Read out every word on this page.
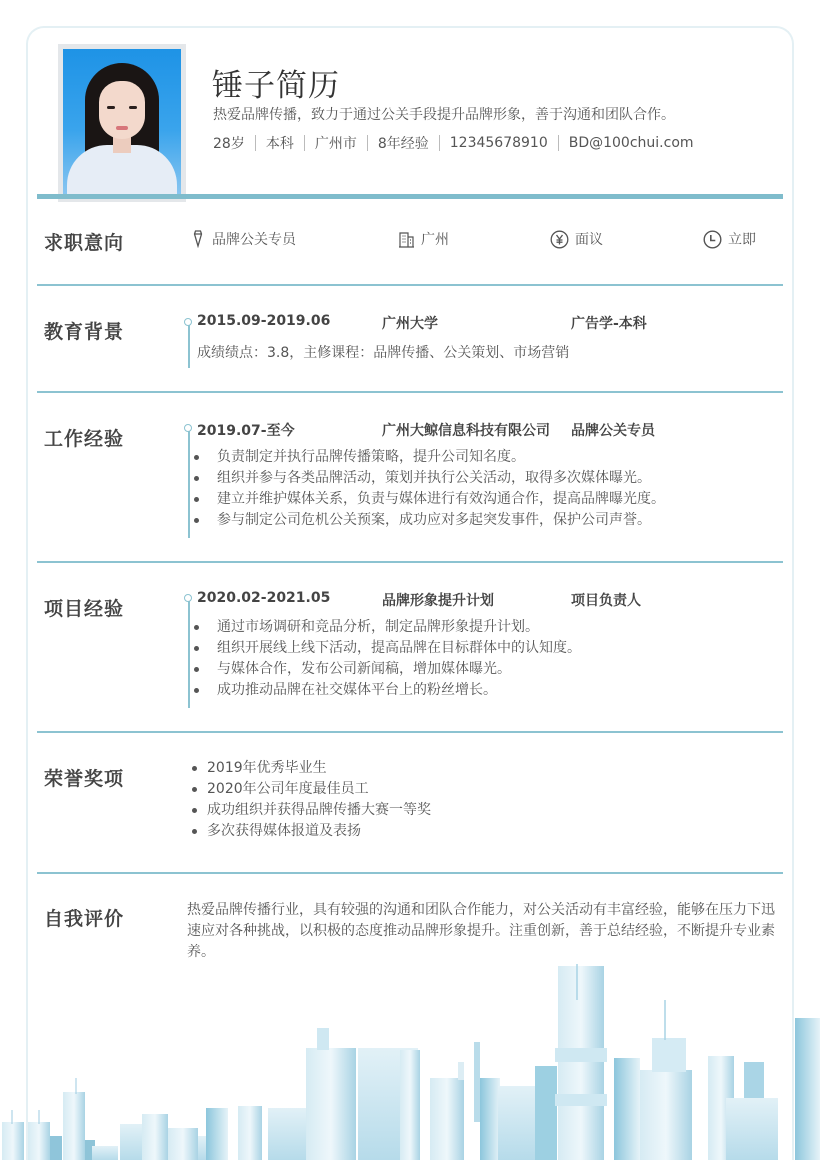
锤子简历
热爱品牌传播，致力于通过公关手段提升品牌形象，善于沟通和团队合作。
28岁 本科 广州市 8年经验 12345678910 BD@100chui.com
求职意向	品牌公关专员	广州	面议	立即
教育背景	2015.09-2019.06	广州大学	广告学-本科
成绩绩点：3.8，主修课程：品牌传播、公关策划、市场营销
工作经验	2019.07-至今	广州大鲸信息科技有限公司 品牌公关专员
负责制定并执行品牌传播策略，提升公司知名度。
组织并参与各类品牌活动，策划并执行公关活动，取得多次媒体曝光。
建立并维护媒体关系，负责与媒体进行有效沟通合作，提高品牌曝光度。
参与制定公司危机公关预案，成功应对多起突发事件，保护公司声誉。
项目经验	2020.02-2021.05	品牌形象提升计划	项目负责人
通过市场调研和竞品分析，制定品牌形象提升计划。
组织开展线上线下活动，提高品牌在目标群体中的认知度。
与媒体合作，发布公司新闻稿，增加媒体曝光。
成功推动品牌在社交媒体平台上的粉丝增长。
荣誉奖项	2019年优秀毕业生
2020年公司年度最佳员工
成功组织并获得品牌传播大赛一等奖
多次获得媒体报道及表扬
自我评价	热爱品牌传播行业，具有较强的沟通和团队合作能力，对公关活动有丰富经验，能够在压力下迅速应对各种挑战，以积极的态度推动品牌形象提升。注重创新，善于总结经验，不断提升专业素养。
